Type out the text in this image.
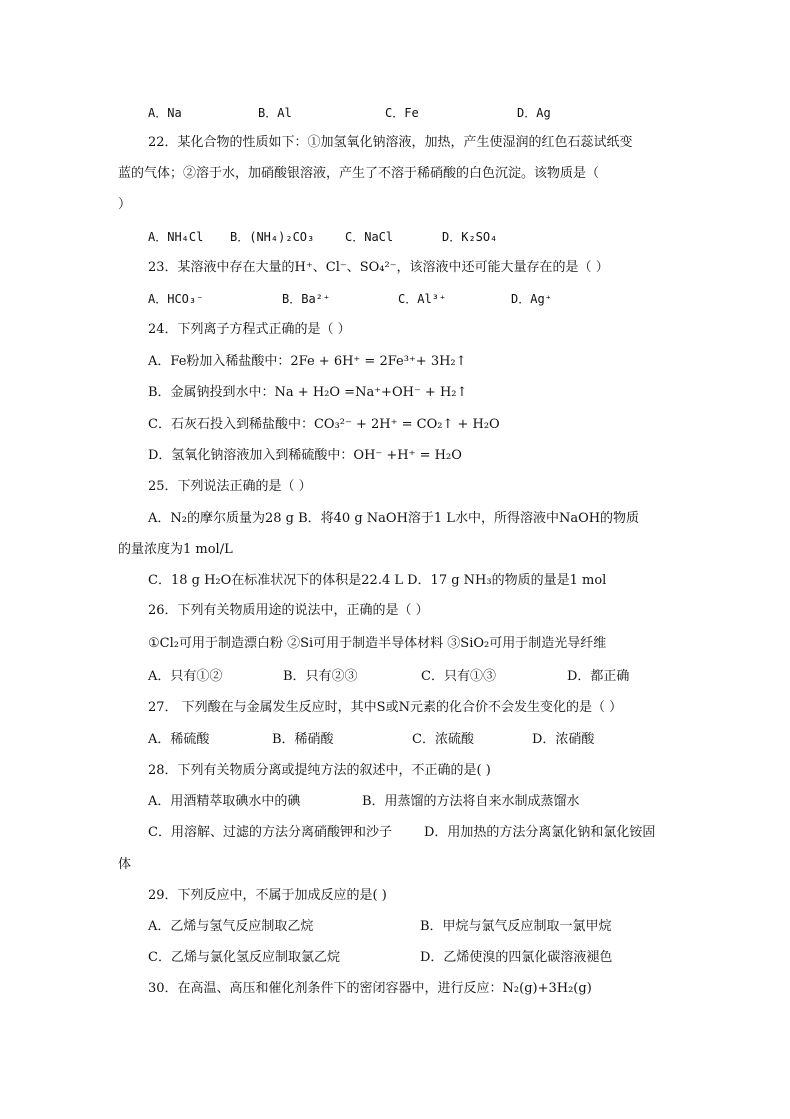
A．Na	B．Al	C．Fe	D．Ag
22．某化合物的性质如下：①加氢氧化钠溶液，加热，产生使湿润的红色石蕊试纸变
蓝的气体；②溶于水，加硝酸银溶液，产生了不溶于稀硝酸的白色沉淀。该物质是（
）
A．NH₄Cl B．(NH₄)₂CO₃	C．NaCl	D．K₂SO₄
23．某溶液中存在大量的H⁺、Cl⁻、SO₄²⁻，该溶液中还可能大量存在的是（ ）
A．HCO₃⁻	B．Ba²⁺	C．Al³⁺	D．Ag⁺
24．下列离子方程式正确的是（ ）
A．Fe粉加入稀盐酸中：2Fe + 6H⁺ = 2Fe³⁺+ 3H₂↑
B．金属钠投到水中：Na + H₂O =Na⁺+OH⁻ + H₂↑
C．石灰石投入到稀盐酸中：CO₃²⁻ + 2H⁺ = CO₂↑ + H₂O
D．氢氧化钠溶液加入到稀硫酸中：OH⁻ +H⁺ = H₂O
25．下列说法正确的是（ ）
A．N₂的摩尔质量为28 g B．将40 g NaOH溶于1 L水中，所得溶液中NaOH的物质
的量浓度为1 mol/L
C．18 g H₂O在标准状况下的体积是22.4 L D．17 g NH₃的物质的量是1 mol
26．下列有关物质用途的说法中，正确的是（ ）
①Cl₂可用于制造漂白粉 ②Si可用于制造半导体材料 ③SiO₂可用于制造光导纤维
A．只有①②	B．只有②③	C．只有①③	D．都正确
27． 下列酸在与金属发生反应时，其中S或N元素的化合价不会发生变化的是（ ）
A．稀硫酸	B．稀硝酸	C．浓硫酸	D．浓硝酸
28．下列有关物质分离或提纯方法的叙述中，不正确的是( )
A．用酒精萃取碘水中的碘	B．用蒸馏的方法将自来水制成蒸馏水
C．用溶解、过滤的方法分离硝酸钾和沙子 D．用加热的方法分离氯化钠和氯化铵固
体
29．下列反应中，不属于加成反应的是( )
A．乙烯与氢气反应制取乙烷	B．甲烷与氯气反应制取一氯甲烷
C．乙烯与氯化氢反应制取氯乙烷	D．乙烯使溴的四氯化碳溶液褪色
30．在高温、高压和催化剂条件下的密闭容器中，进行反应：N₂(g)+3H₂(g)
